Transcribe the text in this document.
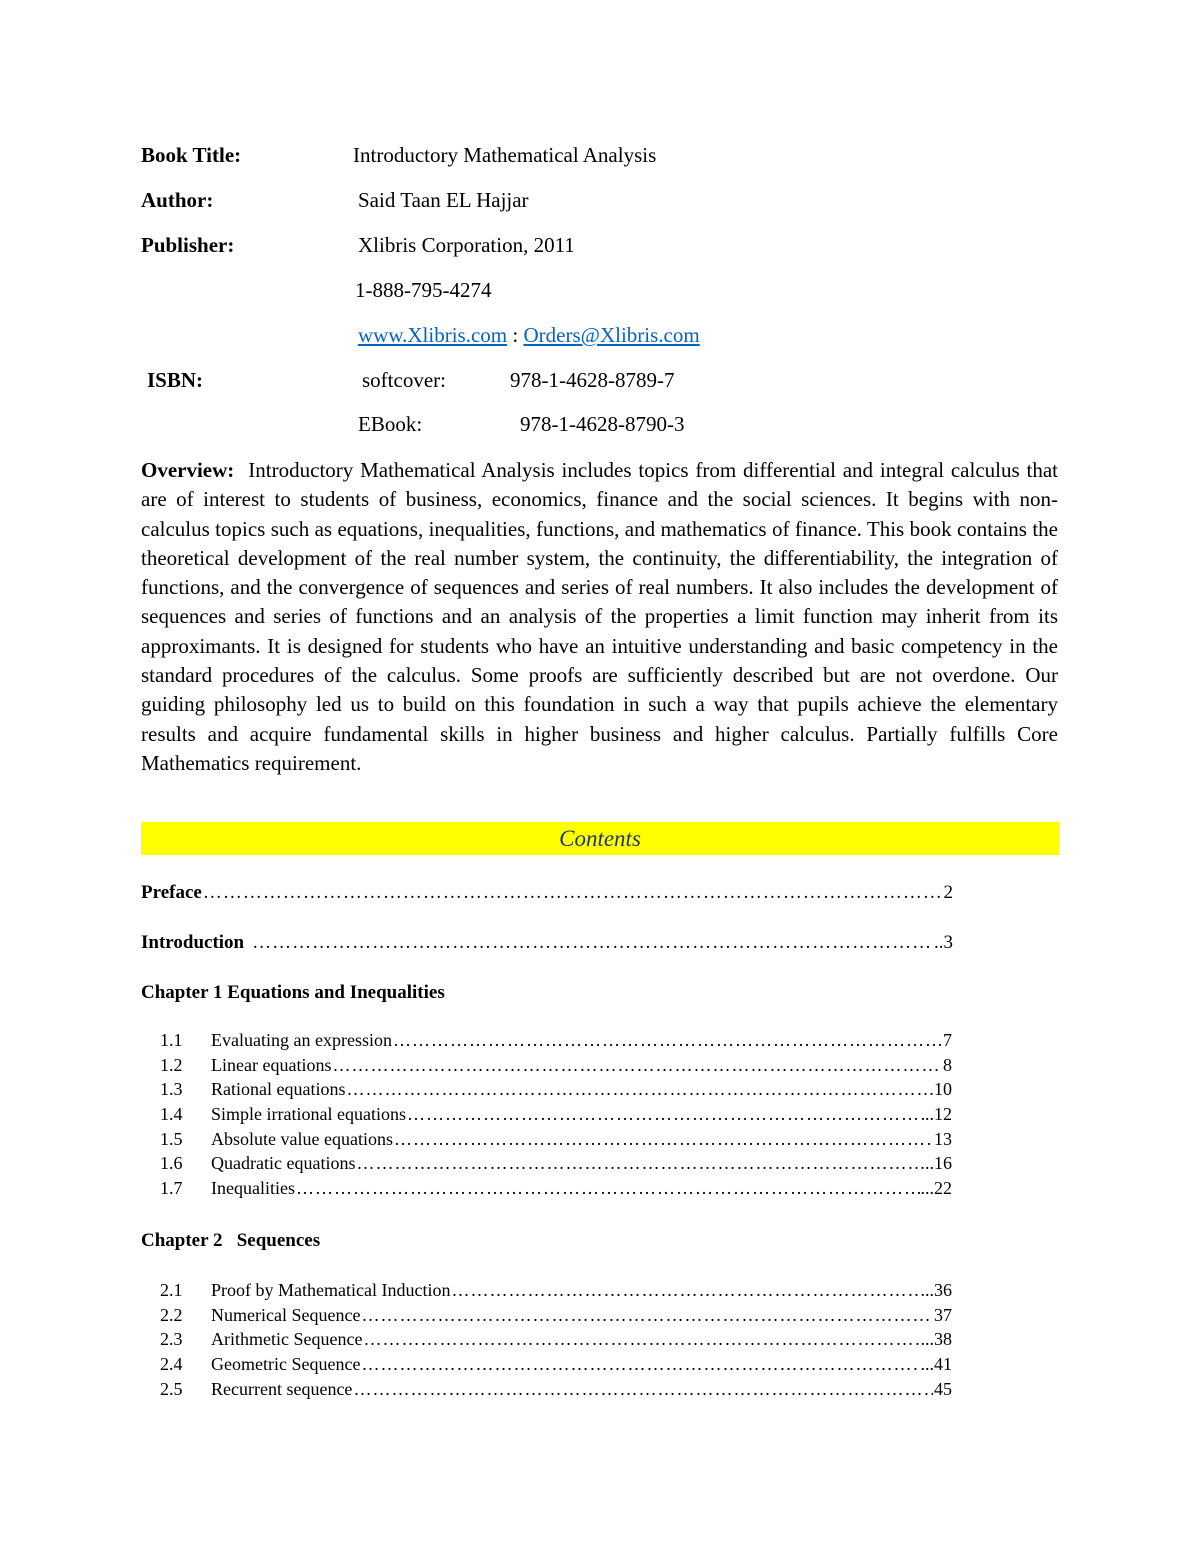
Book Title:	Introductory Mathematical Analysis
Author:	Said Taan EL Hajjar
Publisher:	Xlibris Corporation, 2011
1-888-795-4274
www.Xlibris.com : Orders@Xlibris.com
ISBN:	softcover:	978-1-4628-8789-7
EBook:	978-1-4628-8790-3

Overview: Introductory Mathematical Analysis includes topics from differential and integral calculus that are of interest to students of business, economics, finance and the social sciences. It begins with non-calculus topics such as equations, inequalities, functions, and mathematics of finance. This book contains the theoretical development of the real number system, the continuity, the differentiability, the integration of functions, and the convergence of sequences and series of real numbers. It also includes the development of sequences and series of functions and an analysis of the properties a limit function may inherit from its approximants. It is designed for students who have an intuitive understanding and basic competency in the standard procedures of the calculus. Some proofs are sufficiently described but are not overdone. Our guiding philosophy led us to build on this foundation in such a way that pupils achieve the elementary results and acquire fundamental skills in higher business and higher calculus. Partially fulfills Core Mathematics requirement.

Contents
Preface …………………………………………………………………………………………………………………………………………………………………………………………………………	2
Introduction …………………………………………………………………………………………………………………………………………………………………………………………………………	..3
Chapter 1 Equations and Inequalities
1.1	Evaluating an expression …………………………………………………………………………………………………………………………………………………………………………………………………………	7
1.2	Linear equations …………………………………………………………………………………………………………………………………………………………………………………………………………	8
1.3	Rational equations …………………………………………………………………………………………………………………………………………………………………………………………………………	10
1.4	Simple irrational equations …………………………………………………………………………………………………………………………………………………………………………………………………………	..12
1.5	Absolute value equations …………………………………………………………………………………………………………………………………………………………………………………………………………	13
1.6	Quadratic equations …………………………………………………………………………………………………………………………………………………………………………………………………………	..16
1.7	Inequalities …………………………………………………………………………………………………………………………………………………………………………………………………………	...22
Chapter 2   Sequences
2.1	Proof by Mathematical Induction …………………………………………………………………………………………………………………………………………………………………………………………………………	...36
2.2	Numerical Sequence …………………………………………………………………………………………………………………………………………………………………………………………………………	37
2.3	Arithmetic Sequence …………………………………………………………………………………………………………………………………………………………………………………………………………	...38
2.4	Geometric Sequence …………………………………………………………………………………………………………………………………………………………………………………………………………	...41
2.5	Recurrent sequence …………………………………………………………………………………………………………………………………………………………………………………………………………	45
